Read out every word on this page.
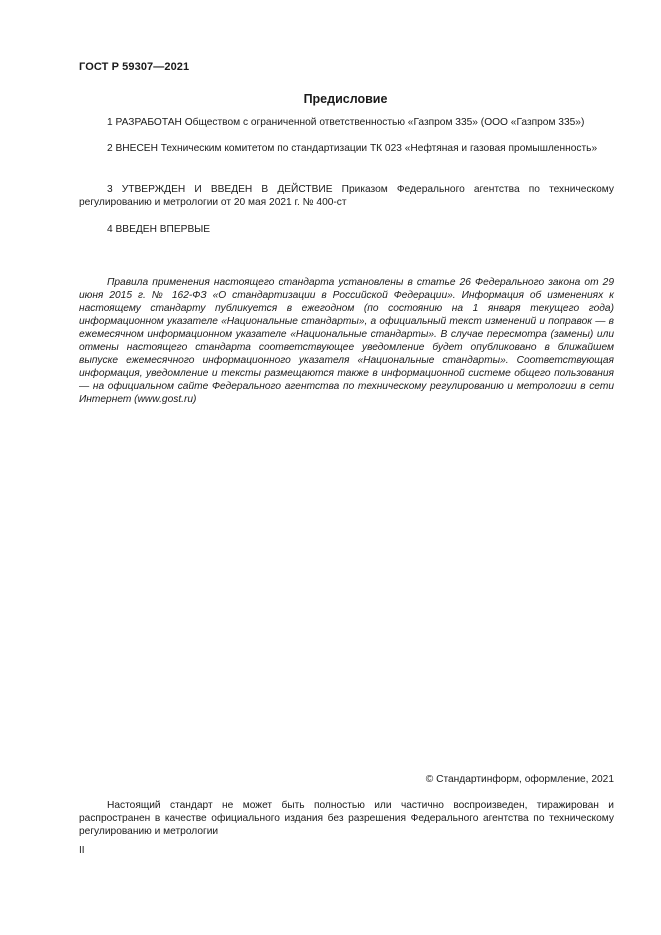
ГОСТ Р 59307—2021
Предисловие

1 РАЗРАБОТАН Обществом с ограниченной ответственностью «Газпром 335» (ООО «Газпром 335»)

2 ВНЕСЕН Техническим комитетом по стандартизации ТК 023 «Нефтяная и газовая промышленность»

3 УТВЕРЖДЕН И ВВЕДЕН В ДЕЙСТВИЕ Приказом Федерального агентства по техническому регулированию и метрологии от 20 мая 2021 г. № 400-ст

4 ВВЕДЕН ВПЕРВЫЕ

Правила применения настоящего стандарта установлены в статье 26 Федерального закона от 29 июня 2015 г. № 162-ФЗ «О стандартизации в Российской Федерации». Информация об изменениях к настоящему стандарту публикуется в ежегодном (по состоянию на 1 января текущего года) информационном указателе «Национальные стандарты», а официальный текст изменений и поправок — в ежемесячном информационном указателе «Национальные стандарты». В случае пересмотра (замены) или отмены настоящего стандарта соответствующее уведомление будет опубликовано в ближайшем выпуске ежемесячного информационного указателя «Национальные стандарты». Соответствующая информация, уведомление и тексты размещаются также в информационной системе общего пользования — на официальном сайте Федерального агентства по техническому регулированию и метрологии в сети Интернет (www.gost.ru)

© Стандартинформ, оформление, 2021

Настоящий стандарт не может быть полностью или частично воспроизведен, тиражирован и распространен в качестве официального издания без разрешения Федерального агентства по техническому регулированию и метрологии

II
